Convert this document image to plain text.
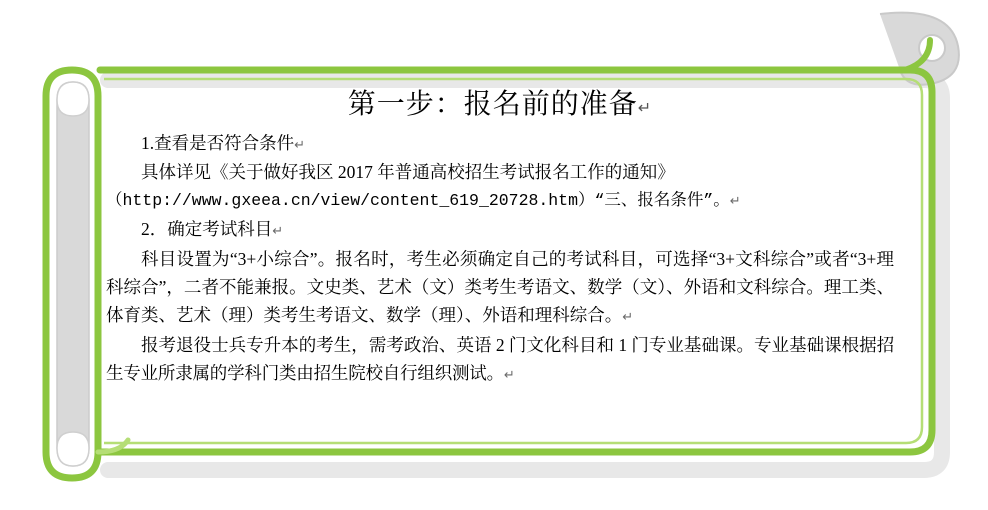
第一步：报名前的准备↵

1.查看是否符合条件↵

具体详见《关于做好我区 2017 年普通高校招生考试报名工作的通知》

（http://www.gxeea.cn/view/content_619_20728.htm）“三、报名条件”。↵

2．确定考试科目↵

科目设置为“3+小综合”。报名时，考生必须确定自己的考试科目，可选择“3+文科综合”或者“3+理科综合”，二者不能兼报。文史类、艺术（文）类考生考语文、数学（文）、外语和文科综合。理工类、体育类、艺术（理）类考生考语文、数学（理）、外语和理科综合。↵

报考退役士兵专升本的考生，需考政治、英语 2 门文化科目和 1 门专业基础课。专业基础课根据招生专业所隶属的学科门类由招生院校自行组织测试。↵
